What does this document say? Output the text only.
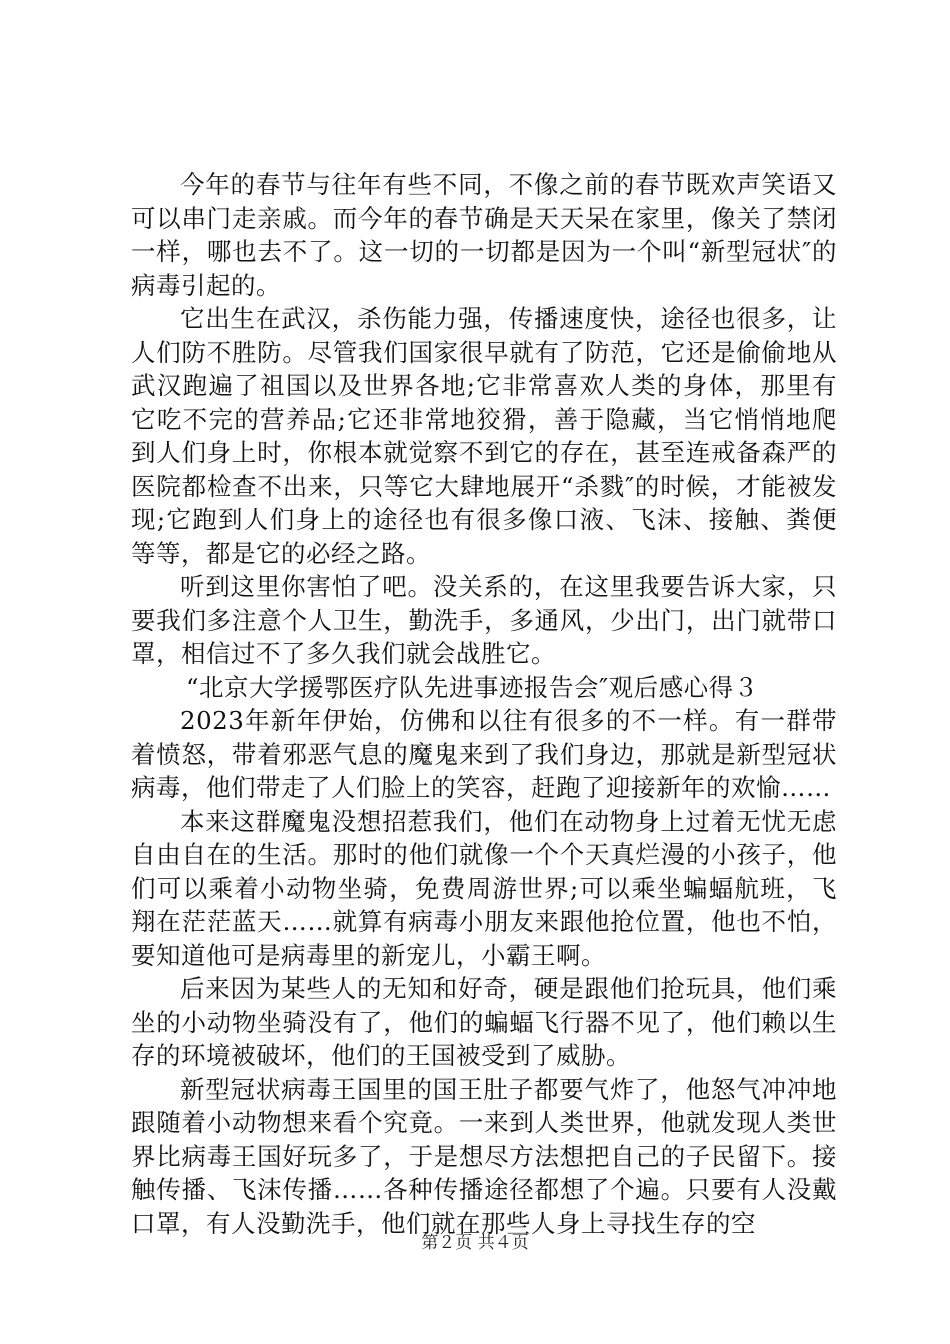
今年的春节与往年有些不同，不像之前的春节既欢声笑语又可以串门走亲戚。而今年的春节确是天天呆在家里，像关了禁闭一样，哪也去不了。这一切的一切都是因为一个叫“新型冠状″的病毒引起的。

它出生在武汉，杀伤能力强，传播速度快，途径也很多，让人们防不胜防。尽管我们国家很早就有了防范，它还是偷偷地从武汉跑遍了祖国以及世界各地;它非常喜欢人类的身体，那里有它吃不完的营养品;它还非常地狡猾，善于隐藏，当它悄悄地爬到人们身上时，你根本就觉察不到它的存在，甚至连戒备森严的医院都检查不出来，只等它大肆地展开“杀戮″的时候，才能被发现;它跑到人们身上的途径也有很多像口液、飞沫、接触、粪便等等，都是它的必经之路。

听到这里你害怕了吧。没关系的，在这里我要告诉大家，只要我们多注意个人卫生，勤洗手，多通风，少出门，出门就带口罩，相信过不了多久我们就会战胜它。

“北京大学援鄂医疗队先进事迹报告会″观后感心得３

2023年新年伊始，仿佛和以往有很多的不一样。有一群带着愤怒，带着邪恶气息的魔鬼来到了我们身边，那就是新型冠状病毒，他们带走了人们脸上的笑容，赶跑了迎接新年的欢愉……

本来这群魔鬼没想招惹我们，他们在动物身上过着无忧无虑自由自在的生活。那时的他们就像一个个天真烂漫的小孩子，他们可以乘着小动物坐骑，免费周游世界;可以乘坐蝙蝠航班，飞翔在茫茫蓝天……就算有病毒小朋友来跟他抢位置，他也不怕，要知道他可是病毒里的新宠儿，小霸王啊。

后来因为某些人的无知和好奇，硬是跟他们抢玩具，他们乘坐的小动物坐骑没有了，他们的蝙蝠飞行器不见了，他们赖以生存的环境被破坏，他们的王国被受到了威胁。

新型冠状病毒王国里的国王肚子都要气炸了，他怒气冲冲地跟随着小动物想来看个究竟。一来到人类世界，他就发现人类世界比病毒王国好玩多了，于是想尽方法想把自己的子民留下。接触传播、飞沫传播……各种传播途径都想了个遍。只要有人没戴口罩，有人没勤洗手，他们就在那些人身上寻找生存的空

第２页 共４页
